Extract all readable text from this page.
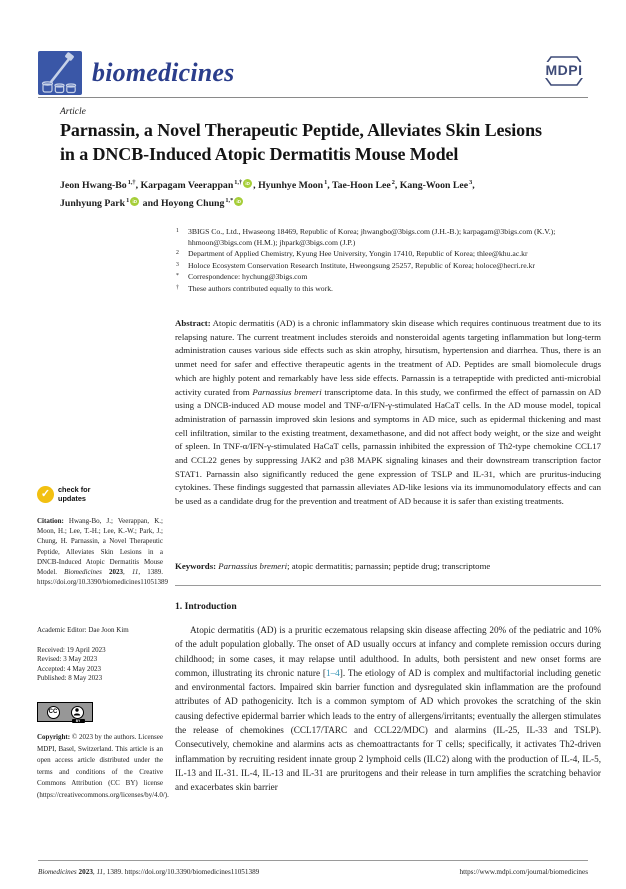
biomedicines	MDPI
Article
Parnassin, a Novel Therapeutic Peptide, Alleviates Skin Lesions
in a DNCB-Induced Atopic Dermatitis Mouse Model
Jeon Hwang-$Bo^{1,\dagger}$, Karpagam Veerappan$^{1,\dagger}$ iD , Hyunhye Moon$^1$, Tae-Hoon Lee$^2$, Kang-Woon Lee$^3$,
Junhyung Park$^1$ iD and Hoyong Chung$^{1,*}$ iD
1 3BIGS Co., Ltd., Hwaseong 18469, Republic of Korea; jhwangbo@3bigs.com (J.H.-B.); karpagam@3bigs.com (K.V.); hhmoon@3bigs.com (H.M.); jhpark@3bigs.com (J.P.)
2 Department of Applied Chemistry, Kyung Hee University, Yongin 17410, Republic of Korea; thlee@khu.ac.kr
3 Holoce Ecosystem Conservation Research Institute, Hweongsung 25257, Republic of Korea; holoce@hecri.re.kr
* Correspondence: hychung@3bigs.com
† These authors contributed equally to this work.
Abstract: Atopic dermatitis (AD) is a chronic inflammatory skin disease which requires continuous treatment due to its relapsing nature. The current treatment includes steroids and nonsteroidal agents targeting inflammation but long-term administration causes various side effects such as skin atrophy, hirsutism, hypertension and diarrhea. Thus, there is an unmet need for safer and effective therapeutic agents in the treatment of AD. Peptides are small biomolecule drugs which are highly potent and remarkably have less side effects. Parnassin is a tetrapeptide with predicted anti-microbial activity curated from Parnassius bremeri transcriptome data. In this study, we confirmed the effect of parnassin on AD using a DNCB-induced AD mouse model and TNF-α/IFN-γ-stimulated HaCaT cells. In the AD mouse model, topical administration of parnassin improved skin lesions and symptoms in AD mice, such as epidermal thickening and mast cell infiltration, similar to the existing treatment, dexamethasone, and did not affect body weight, or the size and weight of spleen. In TNF-α/IFN-γ-stimulated HaCaT cells, parnassin inhibited the expression of Th2-type chemokine CCL17 and CCL22 genes by suppressing JAK2 and p38 MAPK signaling kinases and their downstream transcription factor STAT1. Parnassin also significantly reduced the gene expression of TSLP and IL-31, which are pruritus-inducing cytokines. These findings suggested that parnassin alleviates AD-like lesions via its immunomodulatory effects and can be used as a candidate drug for the prevention and treatment of AD because it is safer than existing treatments.
Keywords: Parnassius bremeri; atopic dermatitis; parnassin; peptide drug; transcriptome
1. Introduction
Atopic dermatitis (AD) is a pruritic eczematous relapsing skin disease affecting 20% of the pediatric and 10% of the adult population globally. The onset of AD usually occurs at infancy and complete remission occurs during childhood; in some cases, it may relapse until adulthood. In adults, both persistent and new onset forms are common, illustrating its chronic nature [1–4]. The etiology of AD is complex and multifactorial including genetic and environmental factors. Impaired skin barrier function and dysregulated skin inflammation are the profound attributes of AD pathogenicity. Itch is a common symptom of AD which provokes the scratching of the skin causing defective epidermal barrier which leads to the entry of allergens/irritants; eventually the allergen stimulates the release of chemokines (CCL17/TARC and CCL22/MDC) and alarmins (IL-25, IL-33 and TSLP). Consecutively, chemokine and alarmins acts as chemoattractants for T cells; specifically, it activates Th2-driven inflammation by recruiting resident innate group 2 lymphoid cells (ILC2) along with the production of IL-4, IL-5, IL-13 and IL-31. IL-4, IL-13 and IL-31 are pruritogens and their release in turn amplifies the scratching behavior and exacerbates skin barrier
✓	check for
updates
Citation: Hwang-Bo, J.; Veerappan, K.; Moon, H.; Lee, T.-H.; Lee, K.-W.; Park, J.; Chung, H. Parnassin, a Novel Therapeutic Peptide, Alleviates Skin Lesions in a DNCB-Induced Atopic Dermatitis Mouse Model. Biomedicines 2023, 11, 1389. https://doi.org/10.3390/biomedicines11051389
Academic Editor: Dae Joon Kim
Received: 19 April 2023
Revised: 3 May 2023
Accepted: 4 May 2023
Published: 8 May 2023
CC
BY
Copyright: © 2023 by the authors. Licensee MDPI, Basel, Switzerland. This article is an open access article distributed under the terms and conditions of the Creative Commons Attribution (CC BY) license (https://creativecommons.org/licenses/by/4.0/).
Biomedicines 2023, 11, 1389. https://doi.org/10.3390/biomedicines11051389	https://www.mdpi.com/journal/biomedicines
